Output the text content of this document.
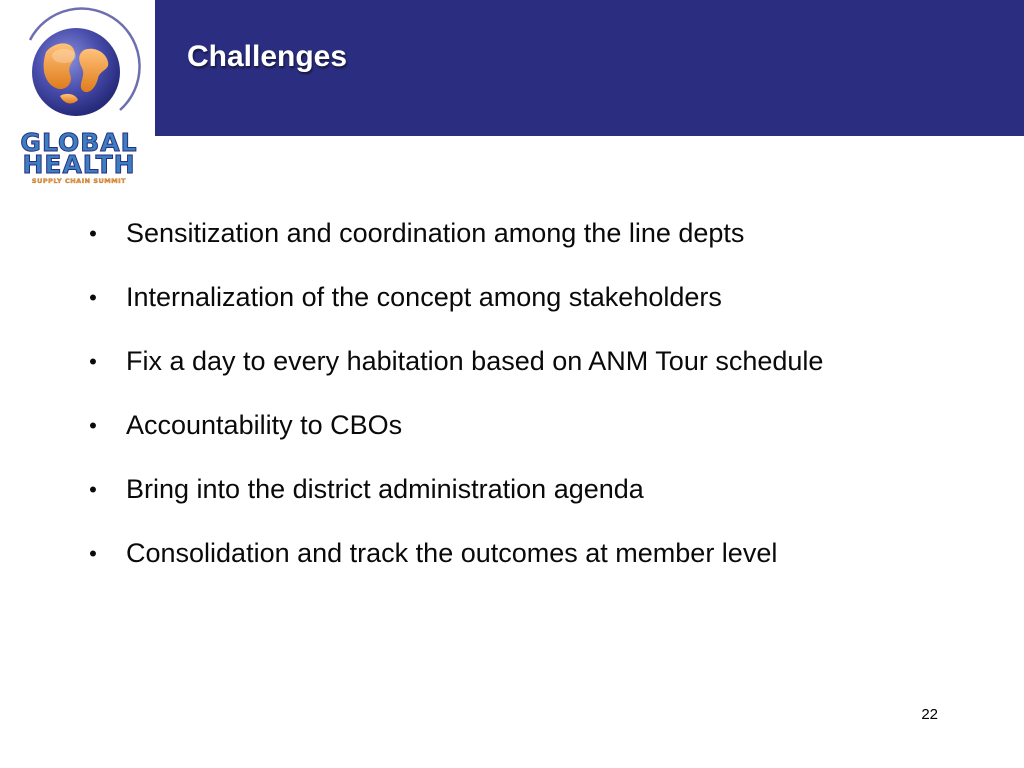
GLOBAL
HEALTH
SUPPLY CHAIN SUMMIT
Challenges
• Sensitization and coordination among the line depts
• Internalization of the concept among stakeholders
• Fix a day to every habitation based on ANM Tour schedule
• Accountability to CBOs
• Bring into the district administration agenda
• Consolidation and track the outcomes at member level
22
